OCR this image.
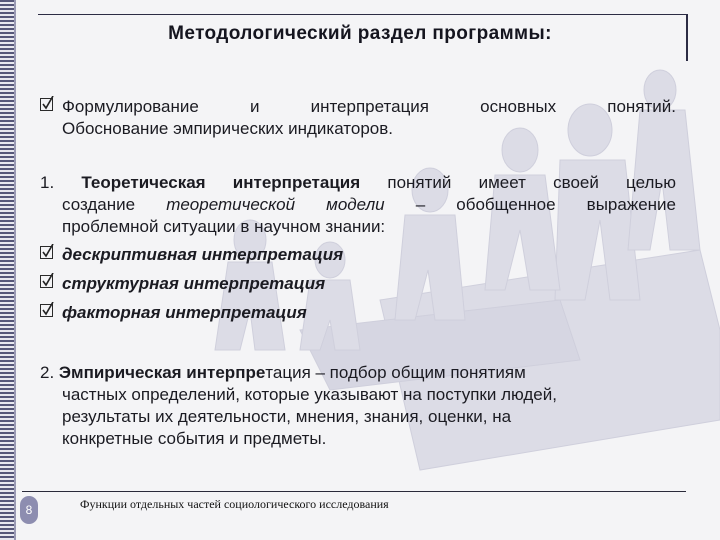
Методологический раздел программы:
Формулирование	и	интерпретация	основных	понятий.
Обоснование эмпирических индикаторов.
1. Теоретическая интерпретация понятий имеет своей целью
создание теоретической модели – обобщенное выражение
проблемной ситуации в научном знании:
дескриптивная интерпретация
структурная интерпретация
факторная интерпретация
2. Эмпирическая интерпретация – подбор общим понятиям
частных определений, которые указывают на поступки людей,
результаты их деятельности, мнения, знания, оценки, на
конкретные события и предметы.
8	Функции отдельных частей социологического исследования
